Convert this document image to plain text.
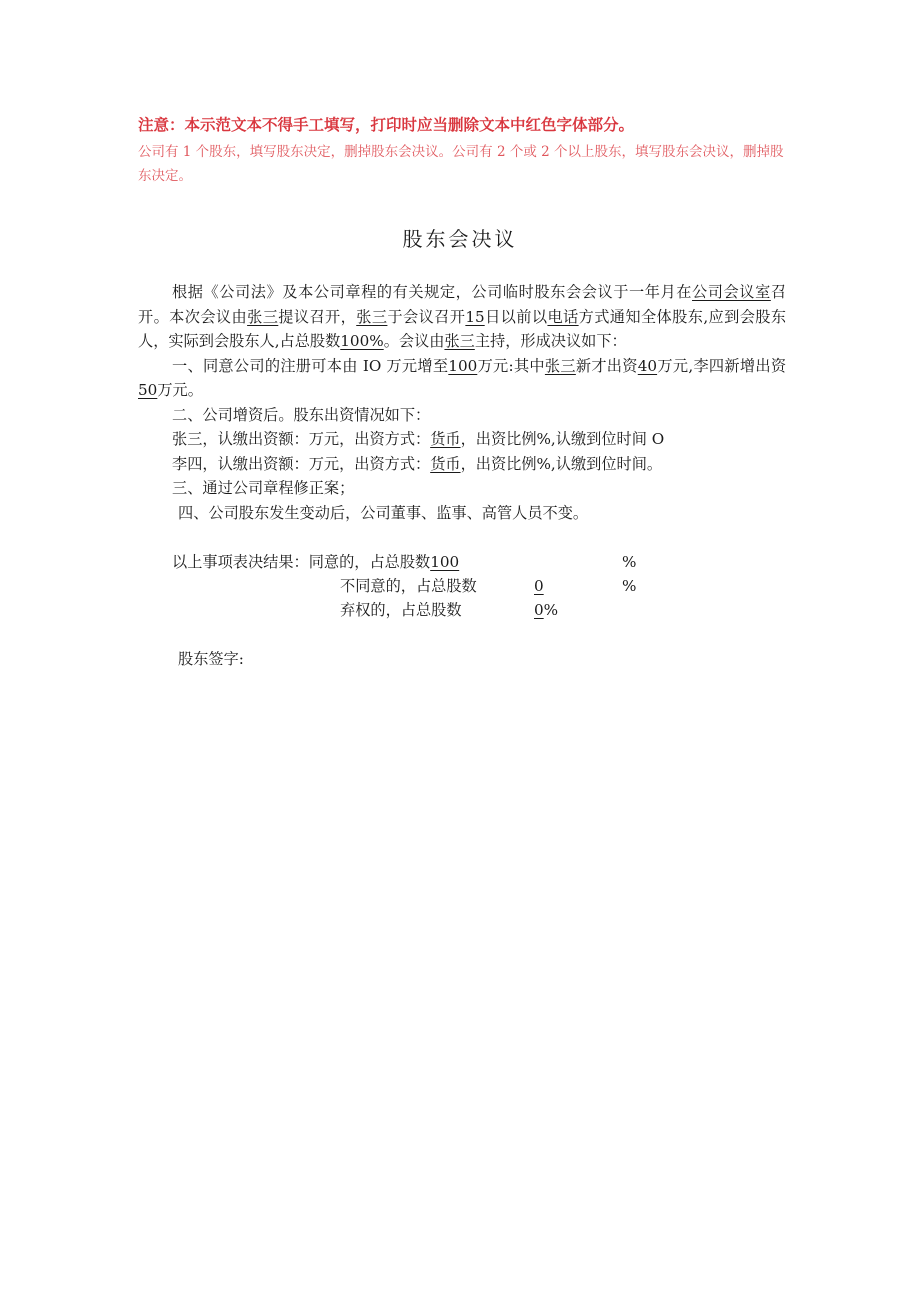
注意：本示范文本不得手工填写，打印时应当删除文本中红色字体部分。
公司有 1 个股东，填写股东决定，删掉股东会决议。公司有 2 个或 2 个以上股东，填写股东会决议，删掉股东决定。
股东会决议

根据《公司法》及本公司章程的有关规定，公司临时股东会会议于一年月在公司会议室召开。本次会议由张三提议召开，张三于会议召开15日以前以电话方式通知全体股东,应到会股东人，实际到会股东人,占总股数100%。会议由张三主持，形成决议如下：

一、同意公司的注册可本由 IO 万元增至100万元:其中张三新才出资40万元,李四新增出资50万元。

二、公司增资后。股东出资情况如下：

张三，认缴出资额：万元，出资方式：货币，出资比例%,认缴到位时间 O

李四，认缴出资额：万元，出资方式：货币，出资比例%,认缴到位时间。

三、通过公司章程修正案；

四、公司股东发生变动后，公司董事、监事、高管人员不变。

以上事项表决结果：同意的，占总股数100	%
不同意的，占总股数	0	%
弃权的，占总股数	0%
股东签字:
